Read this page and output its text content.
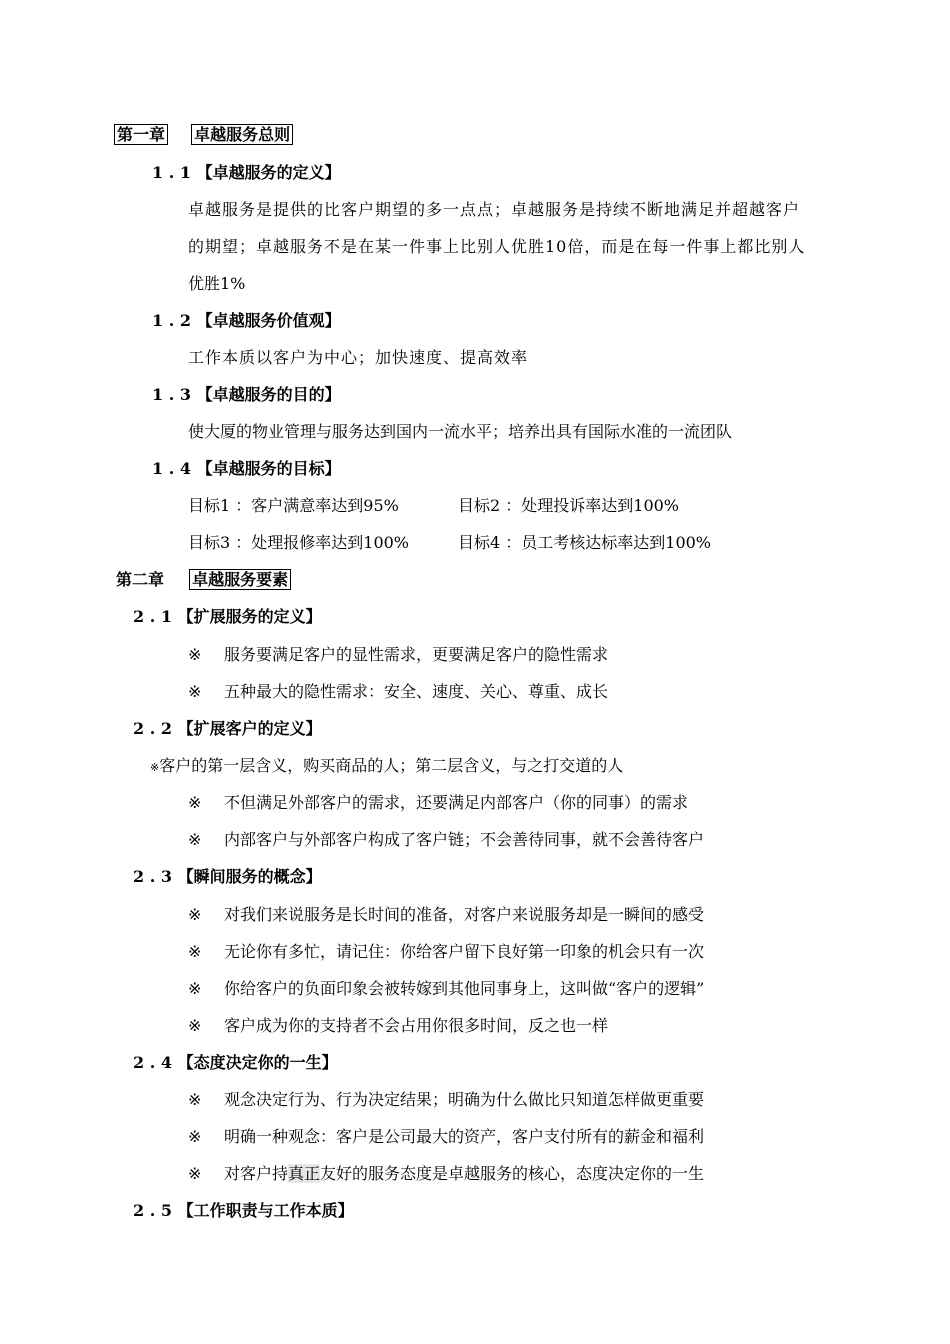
第一章 卓越服务总则
1 . 1 【卓越服务的定义】
卓越服务是提供的比客户期望的多一点点；卓越服务是持续不断地满足并超越客户
的期望；卓越服务不是在某一件事上比别人优胜10倍，而是在每一件事上都比别人
优胜1%
1 . 2 【卓越服务价值观】
工作本质以客户为中心；加快速度、提高效率
1 . 3 【卓越服务的目的】
使大厦的物业管理与服务达到国内一流水平；培养出具有国际水准的一流团队
1 . 4 【卓越服务的目标】
目标1 ：客户满意率达到95%	目标2 ：处理投诉率达到100%
目标3 ：处理报修率达到100%	目标4 ：员工考核达标率达到100%
第二章 卓越服务要素
2 . 1 【扩展服务的定义】
※ 服务要满足客户的显性需求，更要满足客户的隐性需求
※ 五种最大的隐性需求：安全、速度、关心、尊重、成长
2 . 2 【扩展客户的定义】
※客户的第一层含义，购买商品的人；第二层含义，与之打交道的人
※ 不但满足外部客户的需求，还要满足内部客户（你的同事）的需求
※ 内部客户与外部客户构成了客户链；不会善待同事，就不会善待客户
2 . 3 【瞬间服务的概念】
※ 对我们来说服务是长时间的准备，对客户来说服务却是一瞬间的感受
※ 无论你有多忙，请记住：你给客户留下良好第一印象的机会只有一次
※ 你给客户的负面印象会被转嫁到其他同事身上，这叫做“客户的逻辑”
※ 客户成为你的支持者不会占用你很多时间，反之也一样
2 . 4 【态度决定你的一生】
※ 观念决定行为、行为决定结果；明确为什么做比只知道怎样做更重要
※ 明确一种观念：客户是公司最大的资产，客户支付所有的薪金和福利
※ 对客户持真正友好的服务态度是卓越服务的核心，态度决定你的一生
2 . 5 【工作职责与工作本质】
